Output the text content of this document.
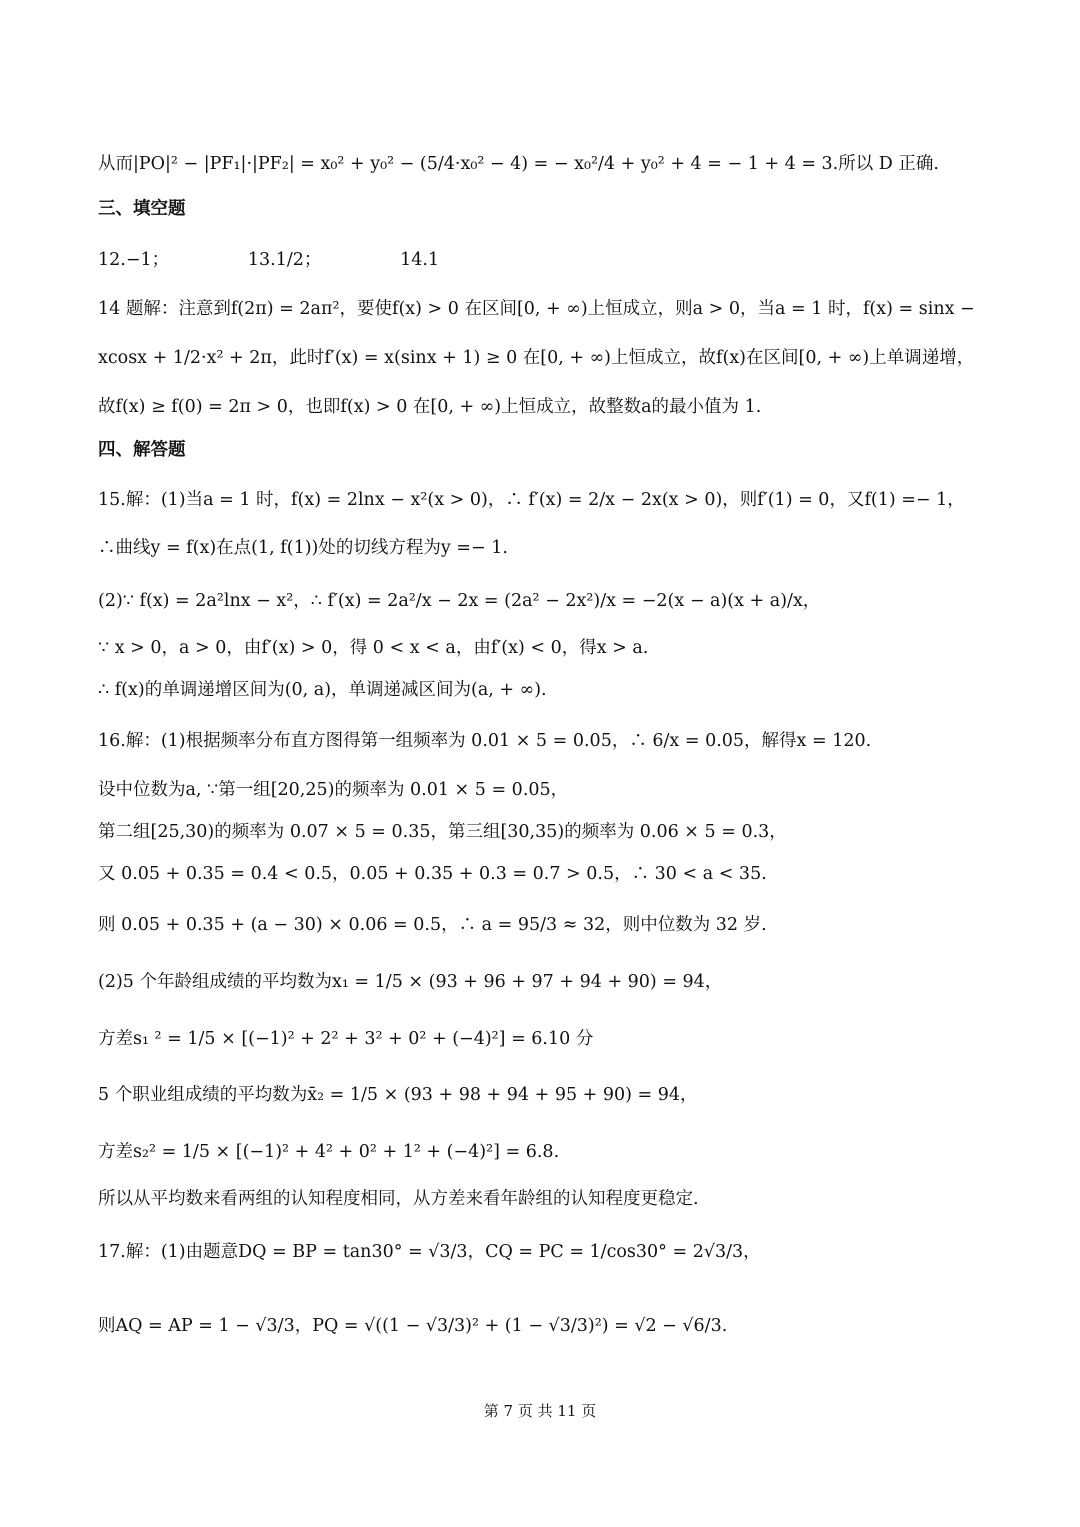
从而|PO|² − |PF₁|·|PF₂| = x₀² + y₀² − (5/4·x₀² − 4) = − x₀²/4 + y₀² + 4 = − 1 + 4 = 3.所以 D 正确.
三、填空题
12.−1；　　　　　13.1/2；　　　　　14.1
14 题解：注意到f(2π) = 2aπ²，要使f(x) > 0 在区间[0, + ∞)上恒成立，则a > 0，当a = 1 时，f(x) = sinx −
xcosx + 1/2·x² + 2π，此时f′(x) = x(sinx + 1) ≥ 0 在[0, + ∞)上恒成立，故f(x)在区间[0, + ∞)上单调递增，
故f(x) ≥ f(0) = 2π > 0，也即f(x) > 0 在[0, + ∞)上恒成立，故整数a的最小值为 1.
四、解答题
15.解：(1)当a = 1 时，f(x) = 2lnx − x²(x > 0)，∴ f′(x) = 2/x − 2x(x > 0)，则f′(1) = 0，又f(1) =− 1，
∴曲线y = f(x)在点(1, f(1))处的切线方程为y =− 1.
(2)∵ f(x) = 2a²lnx − x²，∴ f′(x) = 2a²/x − 2x = (2a² − 2x²)/x = −2(x − a)(x + a)/x，
∵ x > 0，a > 0，由f′(x) > 0，得 0 < x < a，由f′(x) < 0，得x > a.
∴ f(x)的单调递增区间为(0, a)，单调递减区间为(a, + ∞).
16.解：(1)根据频率分布直方图得第一组频率为 0.01 × 5 = 0.05，∴ 6/x = 0.05，解得x = 120.
设中位数为a, ∵第一组[20,25)的频率为 0.01 × 5 = 0.05，
第二组[25,30)的频率为 0.07 × 5 = 0.35，第三组[30,35)的频率为 0.06 × 5 = 0.3，
又 0.05 + 0.35 = 0.4 < 0.5，0.05 + 0.35 + 0.3 = 0.7 > 0.5，∴ 30 < a < 35.
则 0.05 + 0.35 + (a − 30) × 0.06 = 0.5，∴ a = 95/3 ≈ 32，则中位数为 32 岁.
(2)5 个年龄组成绩的平均数为x₁ = 1/5 × (93 + 96 + 97 + 94 + 90) = 94，
方差s₁ ² = 1/5 × [(−1)² + 2² + 3² + 0² + (−4)²] = 6.10 分
5 个职业组成绩的平均数为x̄₂ = 1/5 × (93 + 98 + 94 + 95 + 90) = 94，
方差s₂² = 1/5 × [(−1)² + 4² + 0² + 1² + (−4)²] = 6.8.
所以从平均数来看两组的认知程度相同，从方差来看年龄组的认知程度更稳定.
17.解：(1)由题意DQ = BP = tan30° = √3/3，CQ = PC = 1/cos30° = 2√3/3，
则AQ = AP = 1 − √3/3，PQ = √((1 − √3/3)² + (1 − √3/3)²) = √2 − √6/3.
第 7 页 共 11 页
